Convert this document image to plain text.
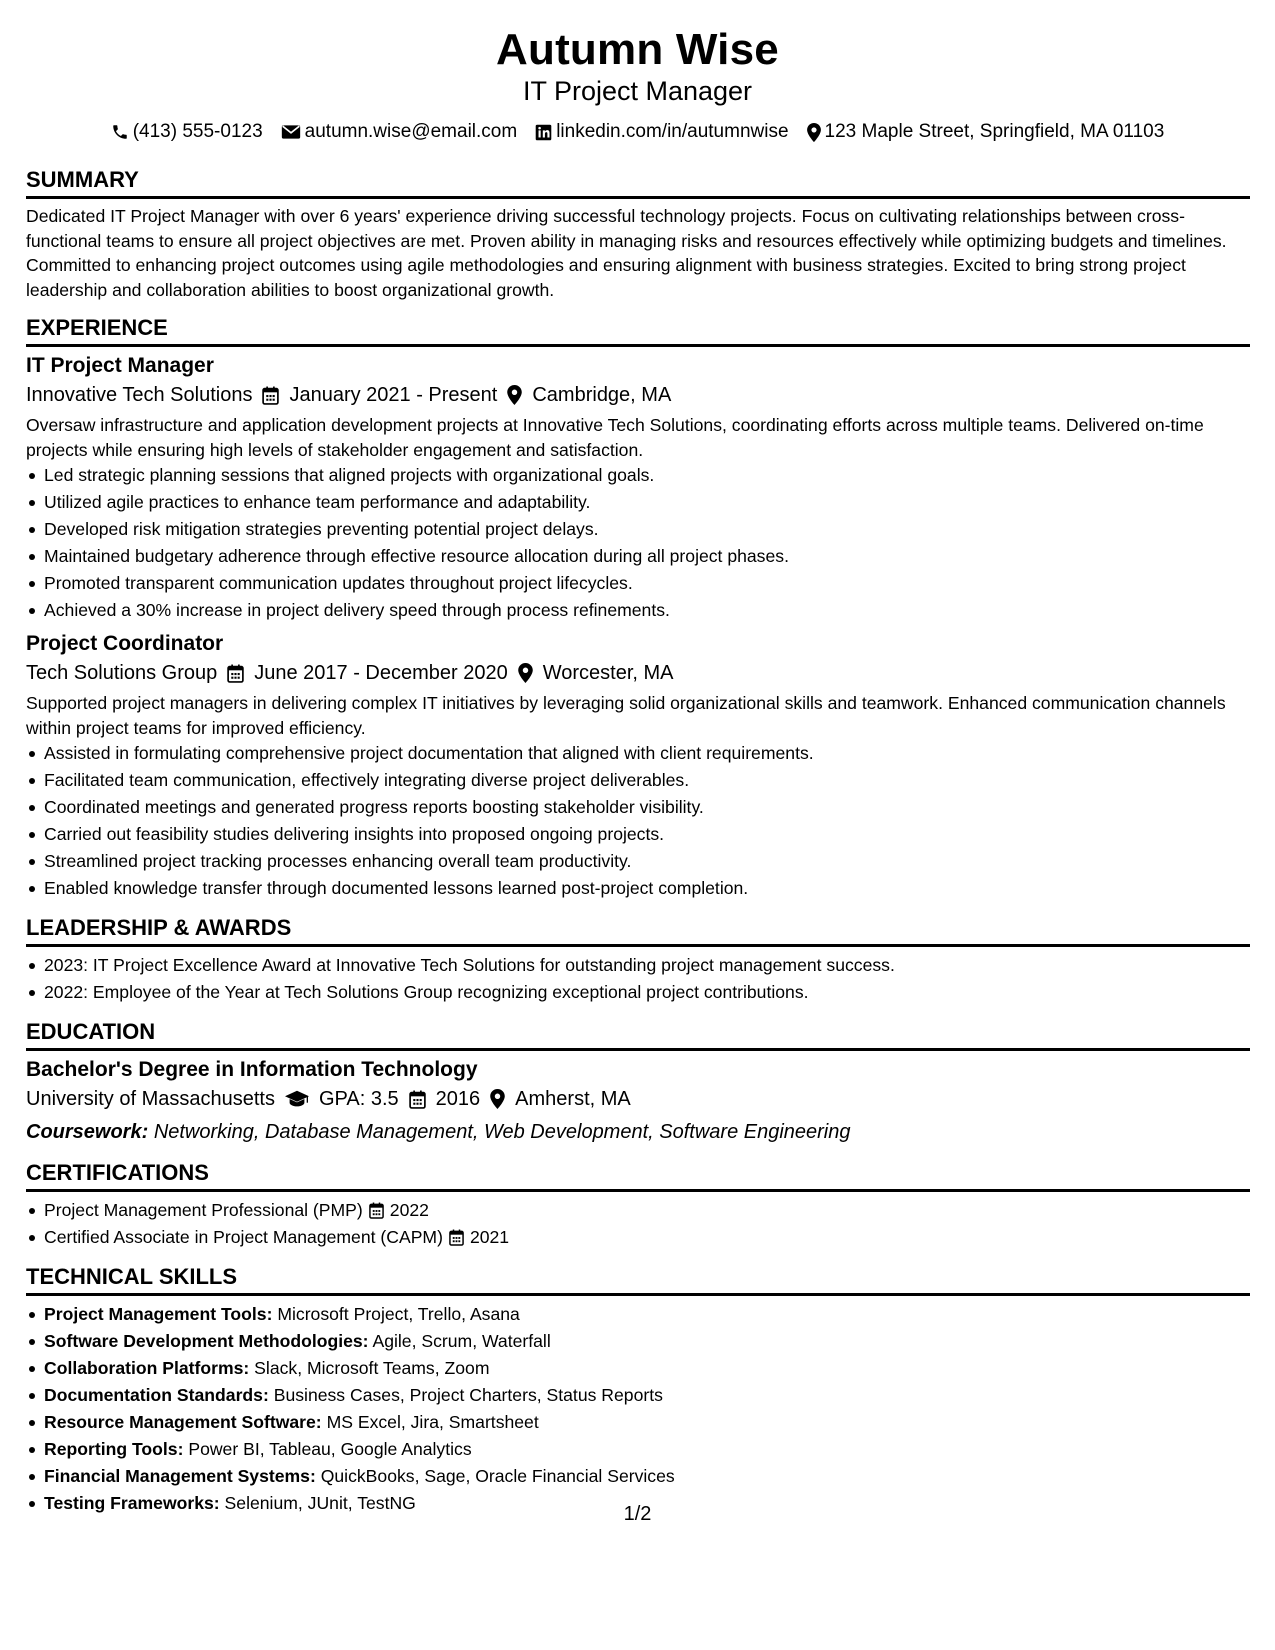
Autumn Wise
IT Project Manager
(413) 555-0123 autumn.wise@email.com linkedin.com/in/autumnwise 123 Maple Street, Springfield, MA 01103
SUMMARY

Dedicated IT Project Manager with over 6 years' experience driving successful technology projects. Focus on cultivating relationships between cross-functional teams to ensure all project objectives are met. Proven ability in managing risks and resources effectively while optimizing budgets and timelines. Committed to enhancing project outcomes using agile methodologies and ensuring alignment with business strategies. Excited to bring strong project leadership and collaboration abilities to boost organizational growth.

EXPERIENCE
IT Project Manager
Innovative Tech Solutions January 2021 - Present Cambridge, MA

Oversaw infrastructure and application development projects at Innovative Tech Solutions, coordinating efforts across multiple teams. Delivered on-time projects while ensuring high levels of stakeholder engagement and satisfaction.

Led strategic planning sessions that aligned projects with organizational goals.
Utilized agile practices to enhance team performance and adaptability.
Developed risk mitigation strategies preventing potential project delays.
Maintained budgetary adherence through effective resource allocation during all project phases.
Promoted transparent communication updates throughout project lifecycles.
Achieved a 30% increase in project delivery speed through process refinements.
Project Coordinator
Tech Solutions Group June 2017 - December 2020 Worcester, MA

Supported project managers in delivering complex IT initiatives by leveraging solid organizational skills and teamwork. Enhanced communication channels within project teams for improved efficiency.

Assisted in formulating comprehensive project documentation that aligned with client requirements.
Facilitated team communication, effectively integrating diverse project deliverables.
Coordinated meetings and generated progress reports boosting stakeholder visibility.
Carried out feasibility studies delivering insights into proposed ongoing projects.
Streamlined project tracking processes enhancing overall team productivity.
Enabled knowledge transfer through documented lessons learned post-project completion.
LEADERSHIP & AWARDS
2023: IT Project Excellence Award at Innovative Tech Solutions for outstanding project management success.
2022: Employee of the Year at Tech Solutions Group recognizing exceptional project contributions.
EDUCATION
Bachelor's Degree in Information Technology
University of Massachusetts GPA: 3.5 2016 Amherst, MA
Coursework: Networking, Database Management, Web Development, Software Engineering
CERTIFICATIONS
Project Management Professional (PMP) 2022
Certified Associate in Project Management (CAPM) 2021
TECHNICAL SKILLS
Project Management Tools: Microsoft Project, Trello, Asana
Software Development Methodologies: Agile, Scrum, Waterfall
Collaboration Platforms: Slack, Microsoft Teams, Zoom
Documentation Standards: Business Cases, Project Charters, Status Reports
Resource Management Software: MS Excel, Jira, Smartsheet
Reporting Tools: Power BI, Tableau, Google Analytics
Financial Management Systems: QuickBooks, Sage, Oracle Financial Services
Testing Frameworks: Selenium, JUnit, TestNG	1/2
